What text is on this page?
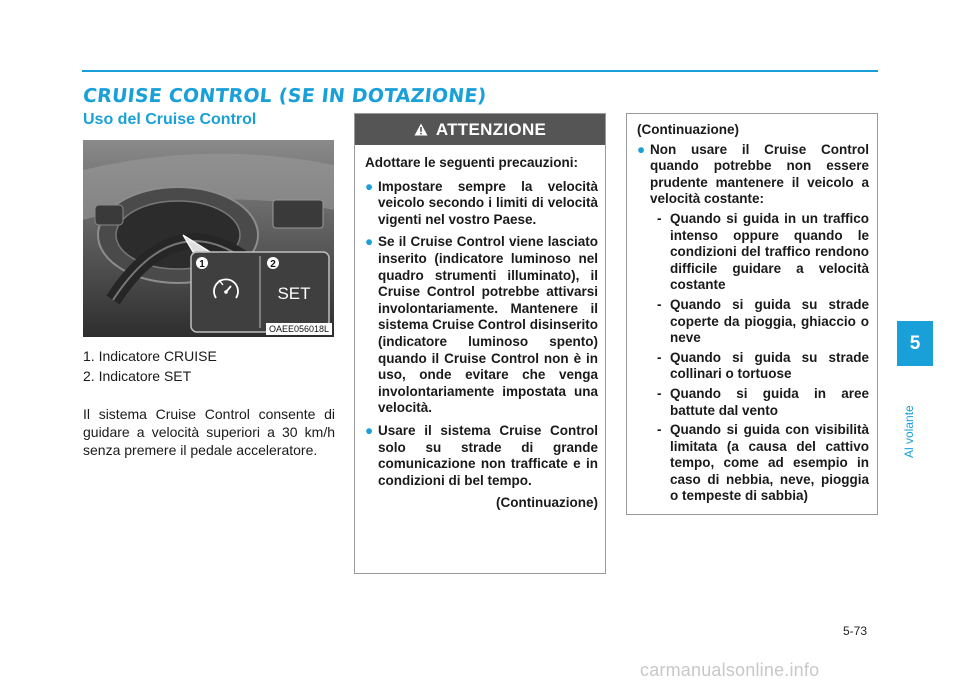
CRUISE CONTROL (SE IN DOTAZIONE)
Uso del Cruise Control
1	2
SET
OAEE056018L
1. Indicatore CRUISE
2. Indicatore SET
Il sistema Cruise Control consente di guidare a velocità superiori a 30 km/h senza premere il pedale acceleratore.
ATTENZIONE
Adottare le seguenti precauzioni:
● Impostare sempre la velocità veicolo secondo i limiti di velocità vigenti nel vostro Paese.
● Se il Cruise Control viene lasciato inserito (indicatore luminoso nel quadro strumenti illuminato), il Cruise Control potrebbe attivarsi involontariamente. Mantenere il sistema Cruise Control disinserito (indicatore luminoso spento) quando il Cruise Control non è in uso, onde evitare che venga involontariamente impostata una velocità.
● Usare il sistema Cruise Control solo su strade di grande comunicazione non trafficate e in condizioni di bel tempo.
(Continuazione)
(Continuazione)
● Non usare il Cruise Control quando potrebbe non essere prudente mantenere il veicolo a velocità costante:
- Quando si guida in un traffico intenso oppure quando le condizioni del traffico rendono difficile guidare a velocità costante
- Quando si guida su strade coperte da pioggia, ghiaccio o neve
- Quando si guida su strade collinari o tortuose
- Quando si guida in aree battute dal vento
- Quando si guida con visibilità limitata (a causa del cattivo tempo, come ad esempio in caso di nebbia, neve, pioggia o tempeste di sabbia)
5
Al volante
5-73
carmanualsonline.info
